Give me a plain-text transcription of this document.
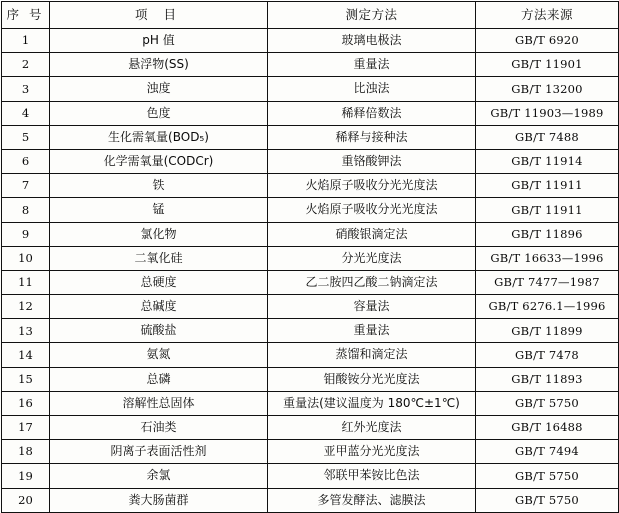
序 号	项 目	测定方法	方法来源
1	pH 值	玻璃电极法	GB/T 6920
2	悬浮物(SS)	重量法	GB/T 11901
3	浊度	比浊法	GB/T 13200
4	色度	稀释倍数法	GB/T 11903—1989
5	生化需氧量(BOD₅)	稀释与接种法	GB/T 7488
6	化学需氧量(CODCr)	重铬酸钾法	GB/T 11914
7	铁	火焰原子吸收分光光度法	GB/T 11911
8	锰	火焰原子吸收分光光度法	GB/T 11911
9	氯化物	硝酸银滴定法	GB/T 11896
10	二氧化硅	分光光度法	GB/T 16633—1996
11	总硬度	乙二胺四乙酸二钠滴定法	GB/T 7477—1987
12	总碱度	容量法	GB/T 6276.1—1996
13	硫酸盐	重量法	GB/T 11899
14	氨氮	蒸馏和滴定法	GB/T 7478
15	总磷	钼酸铵分光光度法	GB/T 11893
16	溶解性总固体	重量法(建议温度为 180℃±1℃)	GB/T 5750
17	石油类	红外光度法	GB/T 16488
18	阴离子表面活性剂	亚甲蓝分光光度法	GB/T 7494
19	余氯	邻联甲苯铵比色法	GB/T 5750
20	粪大肠菌群	多管发酵法、滤膜法	GB/T 5750
